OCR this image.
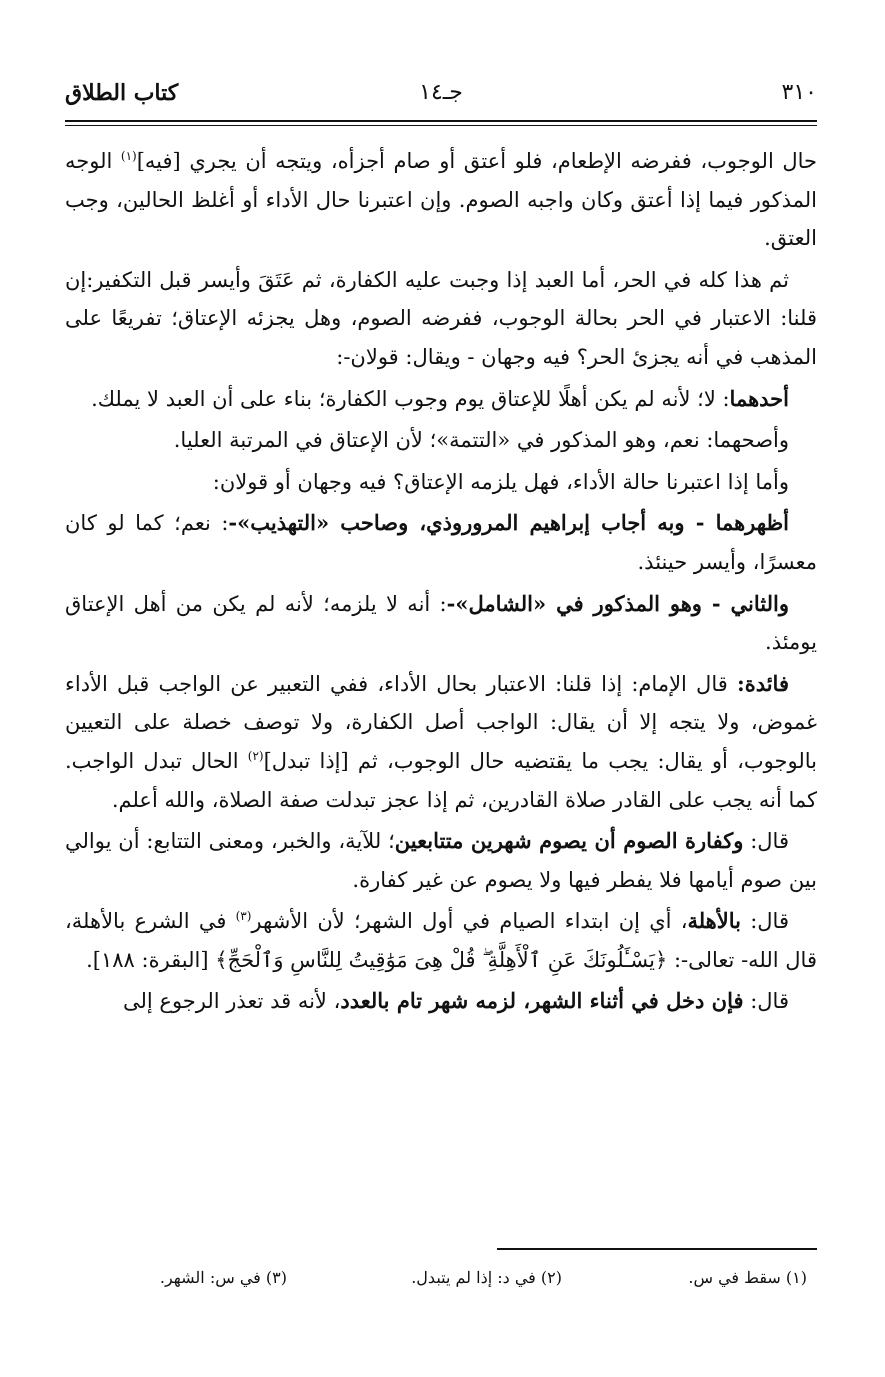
٣١٠
جـ١٤
كتاب الطلاق

حال الوجوب، ففرضه الإطعام، فلو أعتق أو صام أجزأه، ويتجه أن يجري [فيه]$^{(١)}$ الوجه المذكور فيما إذا أعتق وكان واجبه الصوم. وإن اعتبرنا حال الأداء أو أغلظ الحالين، وجب العتق.

ثم هذا كله في الحر، أما العبد إذا وجبت عليه الكفارة، ثم عَتَقَ وأيسر قبل التكفير:إن قلنا: الاعتبار في الحر بحالة الوجوب، ففرضه الصوم، وهل يجزئه الإعتاق؛ تفريعًا على المذهب في أنه يجزئ الحر؟ فيه وجهان - ويقال: قولان-:

أحدهما: لا؛ لأنه لم يكن أهلًا للإعتاق يوم وجوب الكفارة؛ بناء على أن العبد لا يملك.

وأصحهما: نعم، وهو المذكور في «التتمة»؛ لأن الإعتاق في المرتبة العليا.

وأما إذا اعتبرنا حالة الأداء، فهل يلزمه الإعتاق؟ فيه وجهان أو قولان:

أظهرهما - وبه أجاب إبراهيم المروروذي، وصاحب «التهذيب»-: نعم؛ كما لو كان معسرًا، وأيسر حينئذ.

والثاني - وهو المذكور في «الشامل»-: أنه لا يلزمه؛ لأنه لم يكن من أهل الإعتاق يومئذ.

فائدة: قال الإمام: إذا قلنا: الاعتبار بحال الأداء، ففي التعبير عن الواجب قبل الأداء غموض، ولا يتجه إلا أن يقال: الواجب أصل الكفارة، ولا توصف خصلة على التعيين بالوجوب، أو يقال: يجب ما يقتضيه حال الوجوب، ثم [إذا تبدل]$^{(٢)}$ الحال تبدل الواجب. كما أنه يجب على القادر صلاة القادرين، ثم إذا عجز تبدلت صفة الصلاة، والله أعلم.

قال: وكفارة الصوم أن يصوم شهرين متتابعين؛ للآية، والخبر، ومعنى التتابع: أن يوالي بين صوم أيامها فلا يفطر فيها ولا يصوم عن غير كفارة.

قال: بالأهلة، أي إن ابتداء الصيام في أول الشهر؛ لأن الأشهر$^{(٣)}$ في الشرع بالأهلة، قال الله- تعالى-: ﴿يَسْـَٔلُونَكَ عَنِ ٱلْأَهِلَّةِ ۖ قُلْ هِىَ مَوَٰقِيتُ لِلنَّاسِ وَٱلْحَجِّ﴾ [البقرة: ١٨٨].

قال: فإن دخل في أثناء الشهر، لزمه شهر تام بالعدد، لأنه قد تعذر الرجوع إلى

(١) سقط في س.
(٢) في د: إذا لم يتبدل.
(٣) في س: الشهر.
